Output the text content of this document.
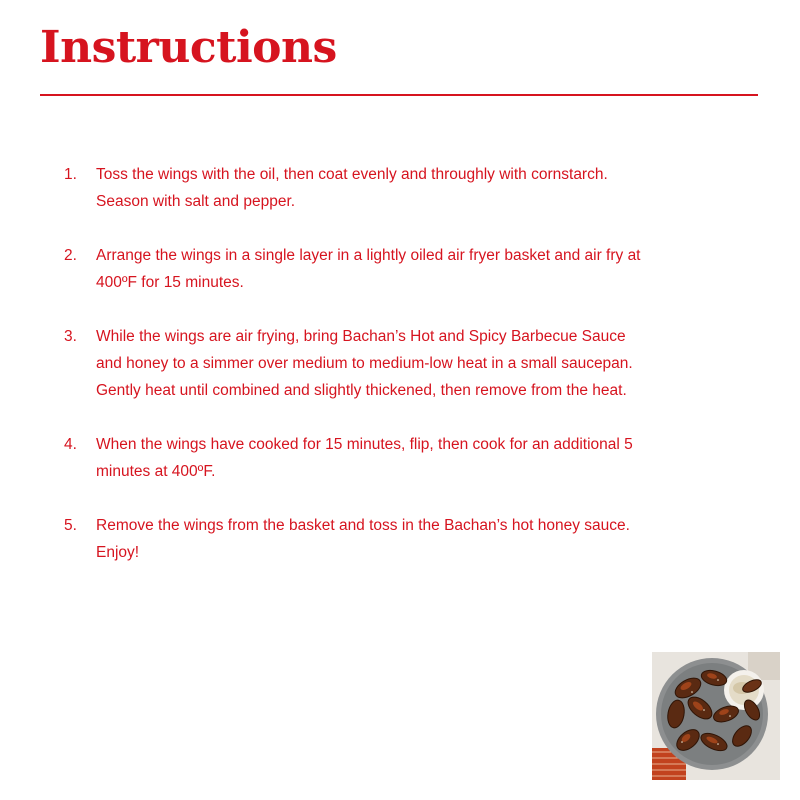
Instructions
1.	Toss the wings with the oil, then coat evenly and throughly with cornstarch. Season with salt and pepper.
2.	Arrange the wings in a single layer in a lightly oiled air fryer basket and air fry at 400ºF for 15 minutes.
3.	While the wings are air frying, bring Bachan’s Hot and Spicy Barbecue Sauce and honey to a simmer over medium to medium-low heat in a small saucepan. Gently heat until combined and slightly thickened, then remove from the heat.
4.	When the wings have cooked for 15 minutes, flip, then cook for an additional 5 minutes at 400ºF.
5.	Remove the wings from the basket and toss in the Bachan’s hot honey sauce. Enjoy!
